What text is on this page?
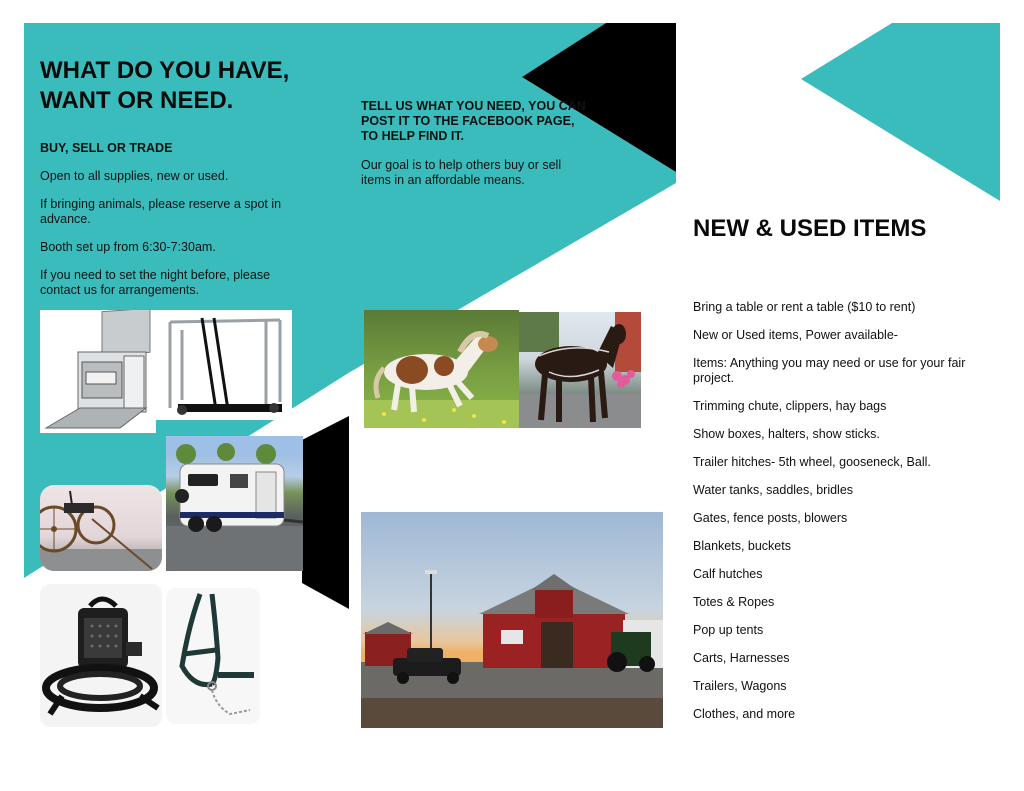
WHAT DO YOU HAVE, WANT OR NEED.
BUY, SELL OR TRADE

Open to all supplies, new or used.

If bringing animals, please reserve a spot in advance.

Booth set up from 6:30-7:30am.

If you need to set the night before, please contact us for arrangements.

TELL US WHAT YOU NEED, YOU CAN POST IT TO THE FACEBOOK PAGE, TO HELP FIND IT.

Our goal is to help others buy or sell items in an affordable means.

NEW & USED ITEMS
Bring a table or rent a table ($10 to rent)
New or Used items, Power available-
Items: Anything you may need or use for your fair project.
Trimming chute, clippers, hay bags
Show boxes, halters, show sticks.
Trailer hitches- 5th wheel, gooseneck, Ball.
Water tanks, saddles, bridles
Gates, fence posts, blowers
Blankets, buckets
Calf hutches
Totes & Ropes
Pop up tents
Carts, Harnesses
Trailers, Wagons
Clothes, and more
